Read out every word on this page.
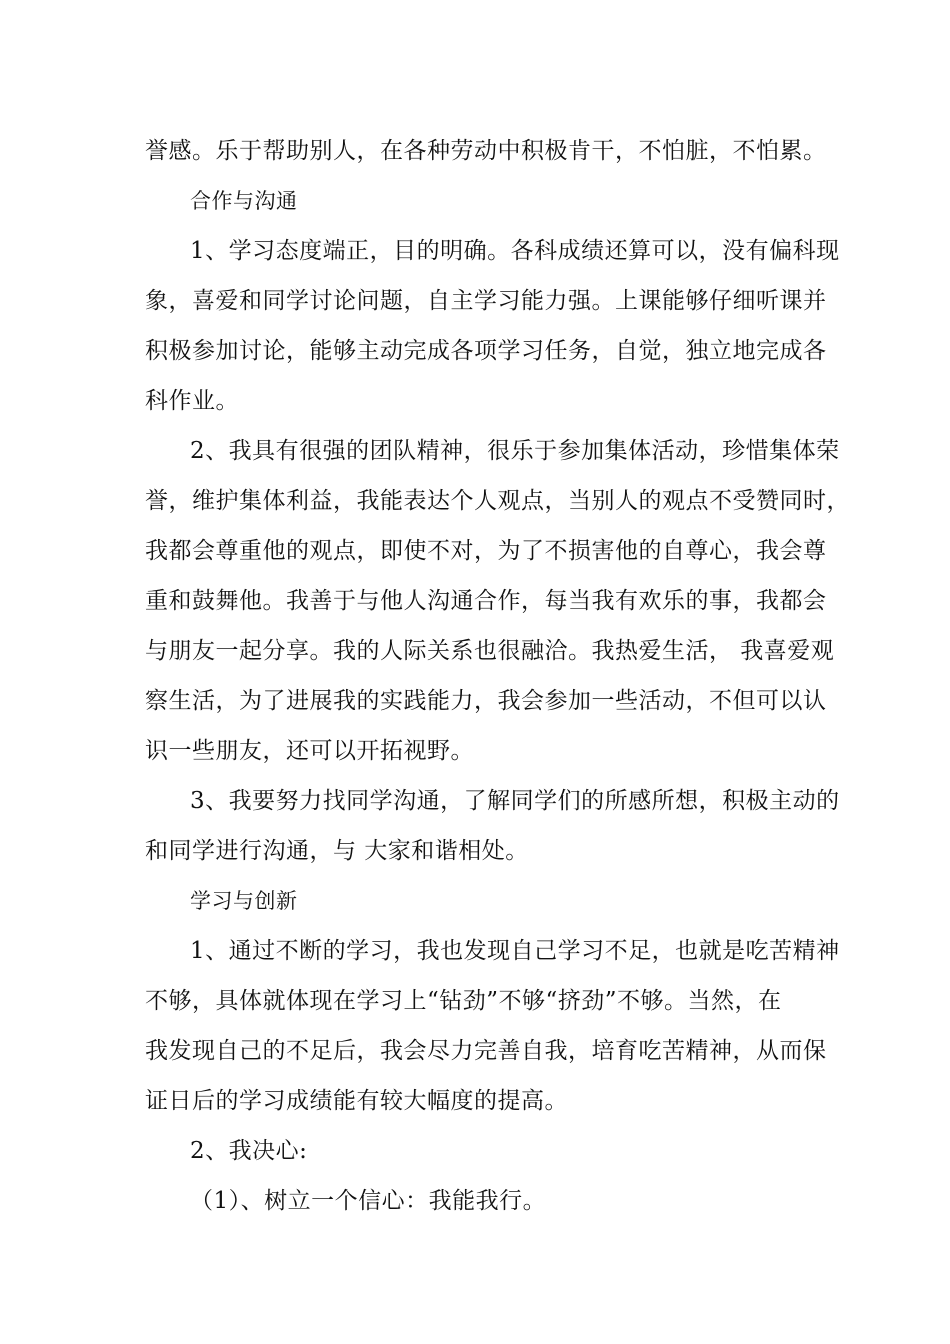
誉感。乐于帮助别人，在各种劳动中积极肯干，不怕脏，不怕累。
合作与沟通
1、学习态度端正，目的明确。各科成绩还算可以，没有偏科现
象，喜爱和同学讨论问题，自主学习能力强。上课能够仔细听课并
积极参加讨论，能够主动完成各项学习任务，自觉，独立地完成各
科作业。
2、我具有很强的团队精神，很乐于参加集体活动，珍惜集体荣
誉，维护集体利益，我能表达个人观点，当别人的观点不受赞同时，
我都会尊重他的观点，即使不对，为了不损害他的自尊心，我会尊
重和鼓舞他。我善于与他人沟通合作，每当我有欢乐的事，我都会
与朋友一起分享。我的人际关系也很融洽。我热爱生活， 我喜爱观
察生活，为了进展我的实践能力，我会参加一些活动，不但可以认
识一些朋友，还可以开拓视野。
3、我要努力找同学沟通，了解同学们的所感所想，积极主动的
和同学进行沟通，与 大家和谐相处。
学习与创新
1、通过不断的学习，我也发现自己学习不足，也就是吃苦精神
不够，具体就体现在学习上“钻劲”不够“挤劲”不够。当然，在
我发现自己的不足后，我会尽力完善自我，培育吃苦精神，从而保
证日后的学习成绩能有较大幅度的提高。
2、我决心:
（1）、树立一个信心：我能我行。
